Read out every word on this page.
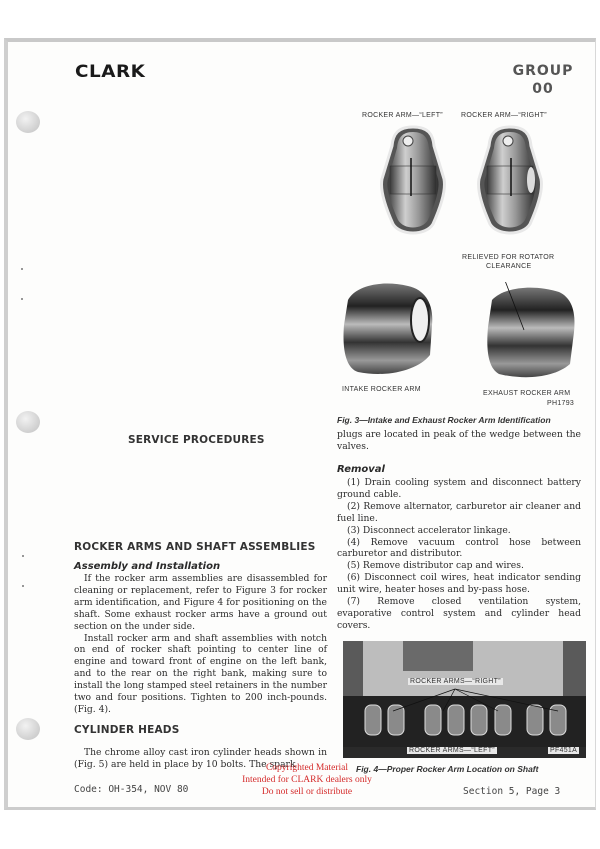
CLARK	GROUP
00
ROCKER ARM—“LEFT”	ROCKER ARM—“RIGHT”
RELIEVED FOR ROTATOR
CLEARANCE
INTAKE ROCKER ARM
EXHAUST ROCKER ARM
PH1793
Fig. 3—Intake and Exhaust Rocker Arm Identification

plugs are located in peak of the wedge between the valves.

Removal

(1) Drain cooling system and disconnect battery ground cable.

(2) Remove alternator, carburetor air cleaner and fuel line.

(3) Disconnect accelerator linkage.

(4) Remove vacuum control hose between carburetor and distributor.

(5) Remove distributor cap and wires.

(6) Disconnect coil wires, heat indicator sending unit wire, heater hoses and by-pass hose.

(7) Remove closed ventilation system, evaporative control system and cylinder head covers.

ROCKER ARMS—“RIGHT”
ROCKER ARMS—“LEFT”	PF451A
Fig. 4—Proper Rocker Arm Location on Shaft
SERVICE PROCEDURES
ROCKER ARMS AND SHAFT ASSEMBLIES
Assembly and Installation

If the rocker arm assemblies are disassembled for cleaning or replacement, refer to Figure 3 for rocker arm identification, and Figure 4 for positioning on the shaft. Some exhaust rocker arms have a ground out section on the under side.

Install rocker arm and shaft assemblies with notch on end of rocker shaft pointing to center line of engine and toward front of engine on the left bank, and to the rear on the right bank, making sure to install the long stamped steel retainers in the number two and four positions. Tighten to 200 inch-pounds. (Fig. 4).

CYLINDER HEADS

The chrome alloy cast iron cylinder heads shown in (Fig. 5) are held in place by 10 bolts. The spark

Code: OH-354, NOV 80	Section 5, Page 3
Copyrighted Material
Intended for CLARK dealers only
Do not sell or distribute
